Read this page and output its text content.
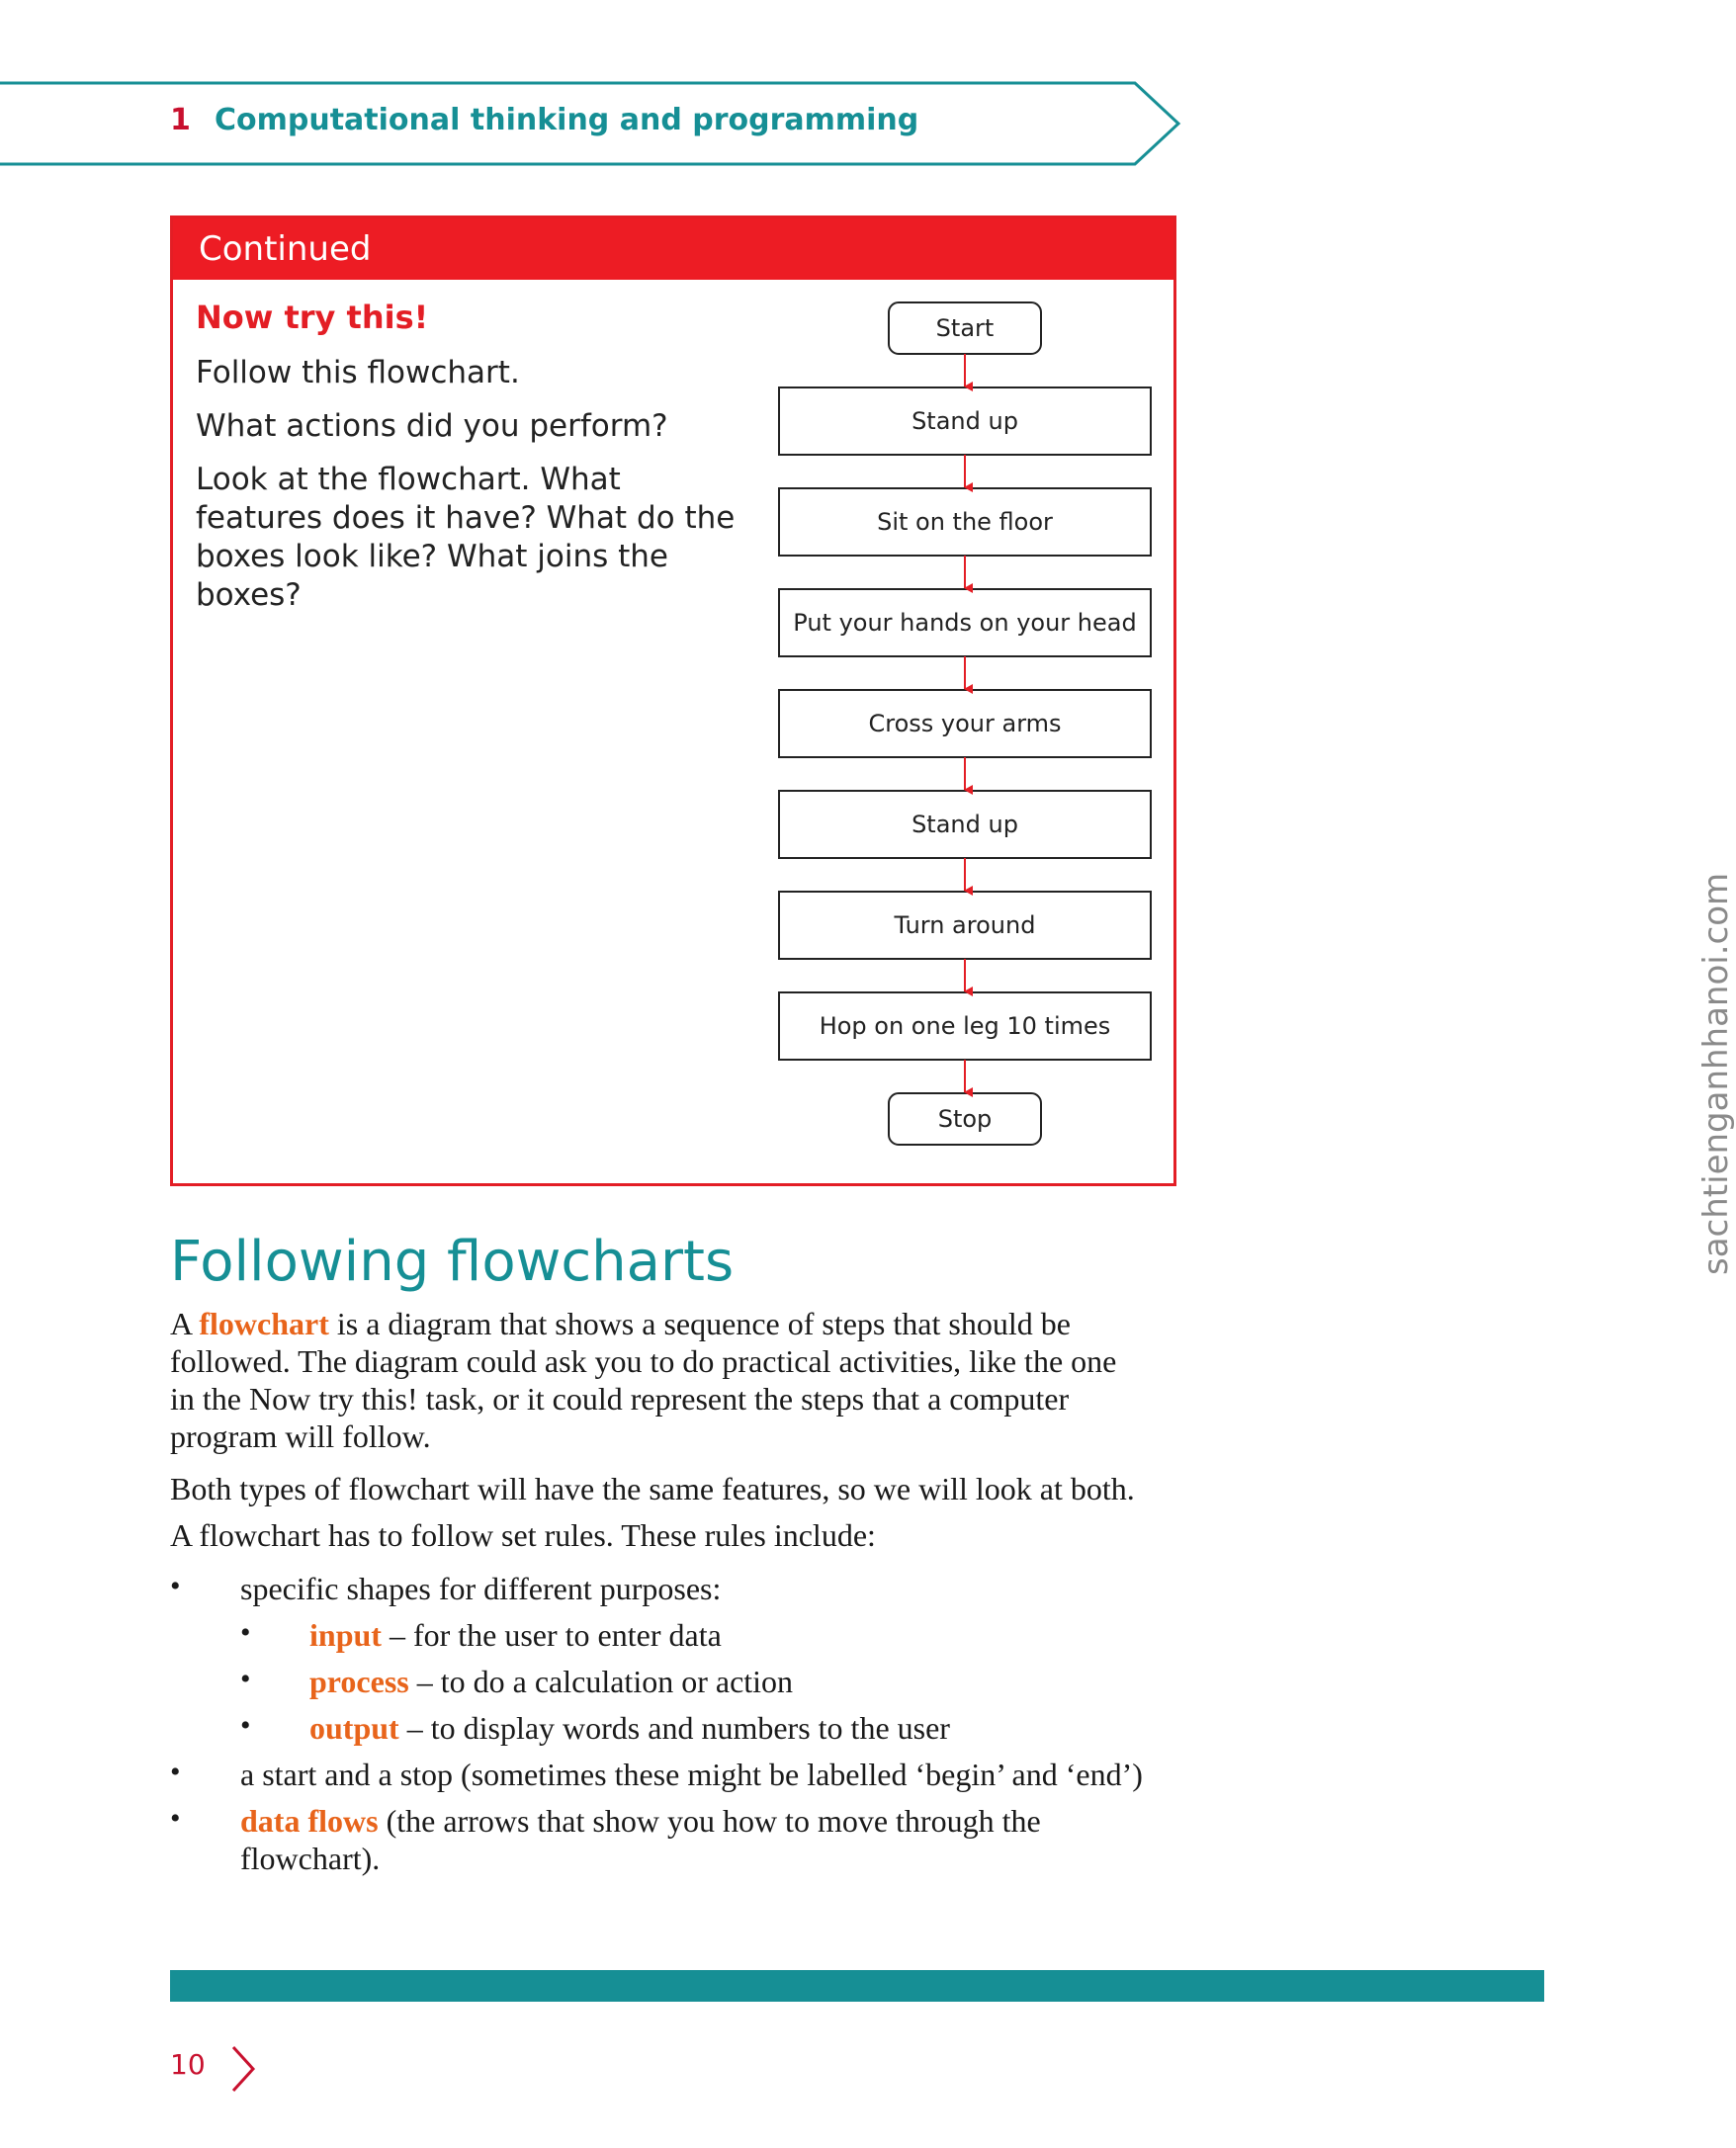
1 Computational thinking and programming
Continued
Now try this!
Follow this flowchart.
What actions did you perform?
Look at the flowchart. What features does it have? What do the boxes look like? What joins the boxes?
Start
Stand up
Sit on the floor
Put your hands on your head
Cross your arms
Stand up
Turn around
Hop on one leg 10 times
Stop
Following flowcharts
A flowchart is a diagram that shows a sequence of steps that should be followed. The diagram could ask you to do practical activities, like the one in the Now try this! task, or it could represent the steps that a computer program will follow.
Both types of flowchart will have the same features, so we will look at both.
A flowchart has to follow set rules. These rules include:
• specific shapes for different purposes:
• input – for the user to enter data
• process – to do a calculation or action
• output – to display words and numbers to the user
• a start and a stop (sometimes these might be labelled ‘begin’ and ‘end’)
• data flows (the arrows that show you how to move through the flowchart).
10
sachtienganhhanoi.com
